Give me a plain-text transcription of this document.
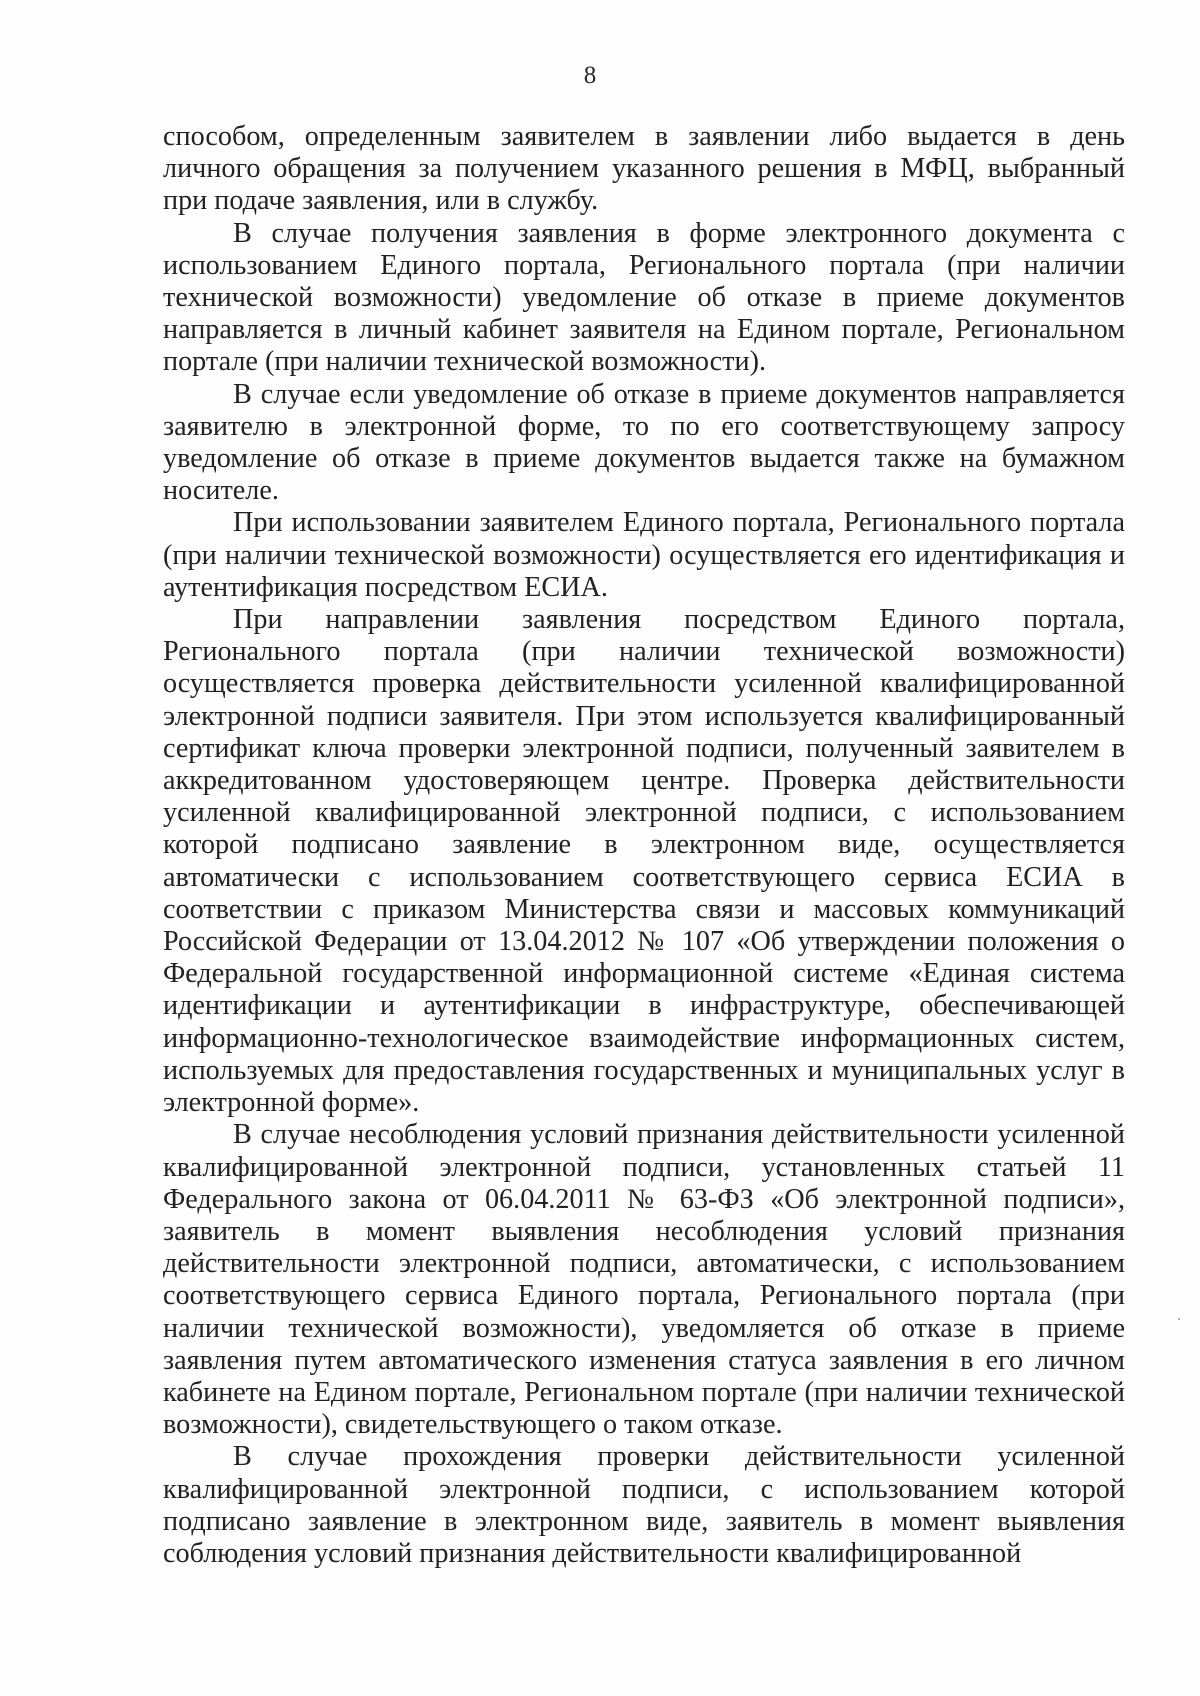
8

способом, определенным заявителем в заявлении либо выдается в день личного обращения за получением указанного решения в МФЦ, выбранный при подаче заявления, или в службу.

В случае получения заявления в форме электронного документа с использованием Единого портала, Регионального портала (при наличии технической возможности) уведомление об отказе в приеме документов направляется в личный кабинет заявителя на Едином портале, Региональном портале (при наличии технической возможности).

В случае если уведомление об отказе в приеме документов направляется заявителю в электронной форме, то по его соответствующему запросу уведомление об отказе в приеме документов выдается также на бумажном носителе.

При использовании заявителем Единого портала, Регионального портала (при наличии технической возможности) осуществляется его идентификация и аутентификация посредством ЕСИА.

При направлении заявления посредством Единого портала, Регионального портала (при наличии технической возможности) осуществляется проверка действительности усиленной квалифицированной электронной подписи заявителя. При этом используется квалифицированный сертификат ключа проверки электронной подписи, полученный заявителем в аккредитованном удостоверяющем центре. Проверка действительности усиленной квалифицированной электронной подписи, с использованием которой подписано заявление в электронном виде, осуществляется автоматически с использованием соответствующего сервиса ЕСИА в соответствии с приказом Министерства связи и массовых коммуникаций Российской Федерации от 13.04.2012 № 107 «Об утверждении положения о Федеральной государственной информационной системе «Единая система идентификации и аутентификации в инфраструктуре, обеспечивающей информационно-технологическое взаимодействие информационных систем, используемых для предоставления государственных и муниципальных услуг в электронной форме».

В случае несоблюдения условий признания действительности усиленной квалифицированной электронной подписи, установленных статьей 11 Федерального закона от 06.04.2011 № 63-ФЗ «Об электронной подписи», заявитель в момент выявления несоблюдения условий признания действительности электронной подписи, автоматически, с использованием соответствующего сервиса Единого портала, Регионального портала (при наличии технической возможности), уведомляется об отказе в приеме заявления путем автоматического изменения статуса заявления в его личном кабинете на Едином портале, Региональном портале (при наличии технической возможности), свидетельствующего о таком отказе.

В случае прохождения проверки действительности усиленной квалифицированной электронной подписи, с использованием которой подписано заявление в электронном виде, заявитель в момент выявления соблюдения условий признания действительности квалифицированной
